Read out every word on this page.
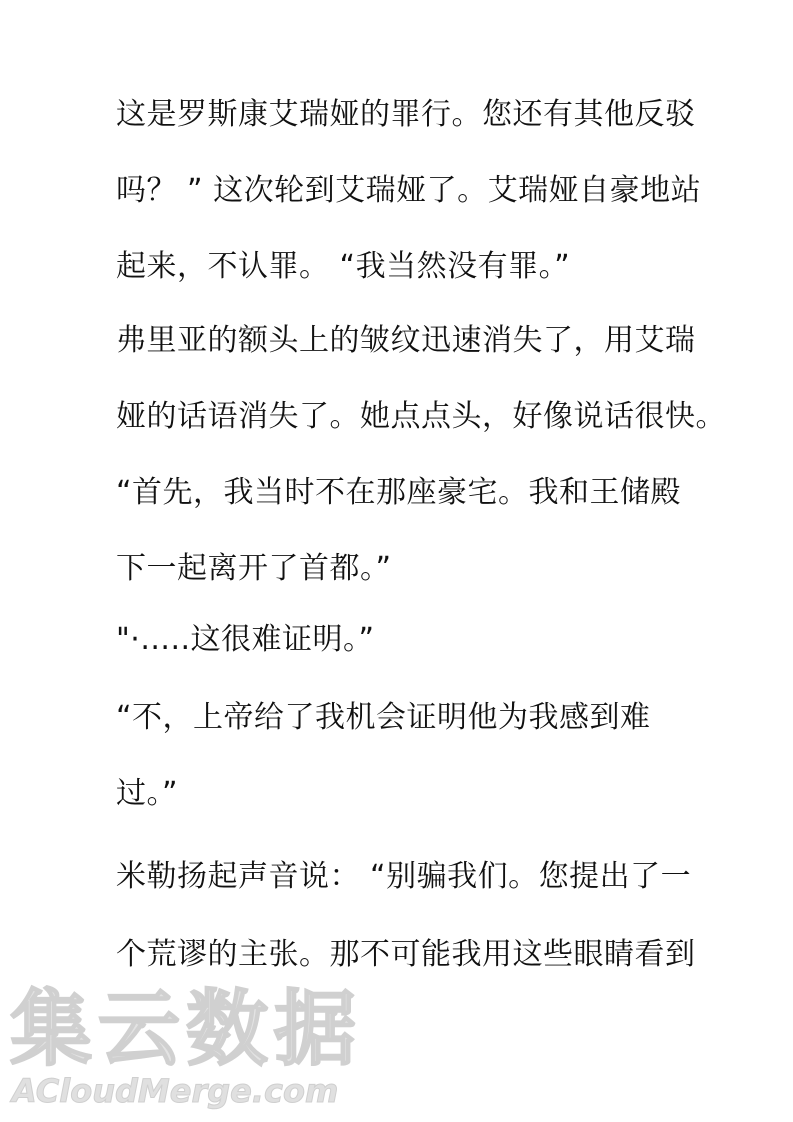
这是罗斯康艾瑞娅的罪行。您还有其他反驳
吗？ ” 这次轮到艾瑞娅了。艾瑞娅自豪地站
起来，不认罪。 “我当然没有罪。”
弗里亚的额头上的皱纹迅速消失了，用艾瑞
娅的话语消失了。她点点头，好像说话很快。
“首先，我当时不在那座豪宅。我和王储殿
下一起离开了首都。”
"·.....这很难证明。”
“不，上帝给了我机会证明他为我感到难
过。”
米勒扬起声音说： “别骗我们。您提出了一
个荒谬的主张。那不可能我用这些眼睛看到
集云数据
ACloudMerge.com
